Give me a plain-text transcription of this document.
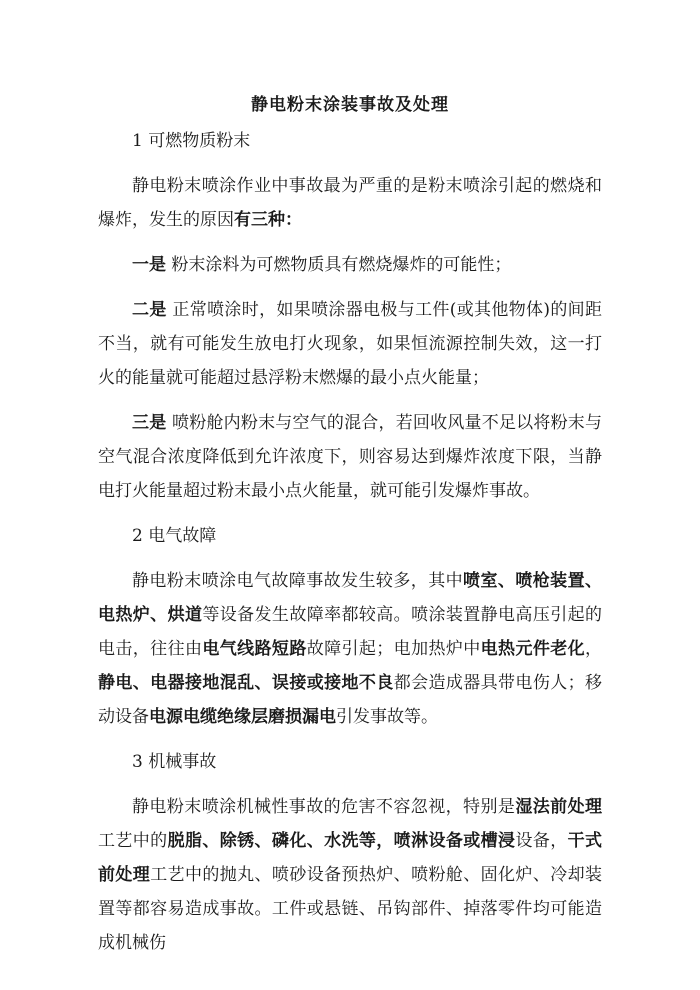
静电粉末涂装事故及处理
1 可燃物质粉末
静电粉末喷涂作业中事故最为严重的是粉末喷涂引起的燃烧和爆炸，发生的原因有三种：
一是 粉末涂料为可燃物质具有燃烧爆炸的可能性；
二是 正常喷涂时，如果喷涂器电极与工件(或其他物体)的间距不当，就有可能发生放电打火现象，如果恒流源控制失效，这一打火的能量就可能超过悬浮粉末燃爆的最小点火能量；
三是 喷粉舱内粉末与空气的混合，若回收风量不足以将粉末与空气混合浓度降低到允许浓度下，则容易达到爆炸浓度下限，当静电打火能量超过粉末最小点火能量，就可能引发爆炸事故。
2 电气故障
静电粉末喷涂电气故障事故发生较多，其中喷室、喷枪装置、电热炉、烘道等设备发生故障率都较高。喷涂装置静电高压引起的电击，往往由电气线路短路故障引起；电加热炉中电热元件老化，静电、电器接地混乱、误接或接地不良都会造成器具带电伤人；移动设备电源电缆绝缘层磨损漏电引发事故等。
3 机械事故
静电粉末喷涂机械性事故的危害不容忽视，特别是湿法前处理工艺中的脱脂、除锈、磷化、水洗等，喷淋设备或槽浸设备，干式前处理工艺中的抛丸、喷砂设备预热炉、喷粉舱、固化炉、冷却装置等都容易造成事故。工件或悬链、吊钩部件、掉落零件均可能造成机械伤
